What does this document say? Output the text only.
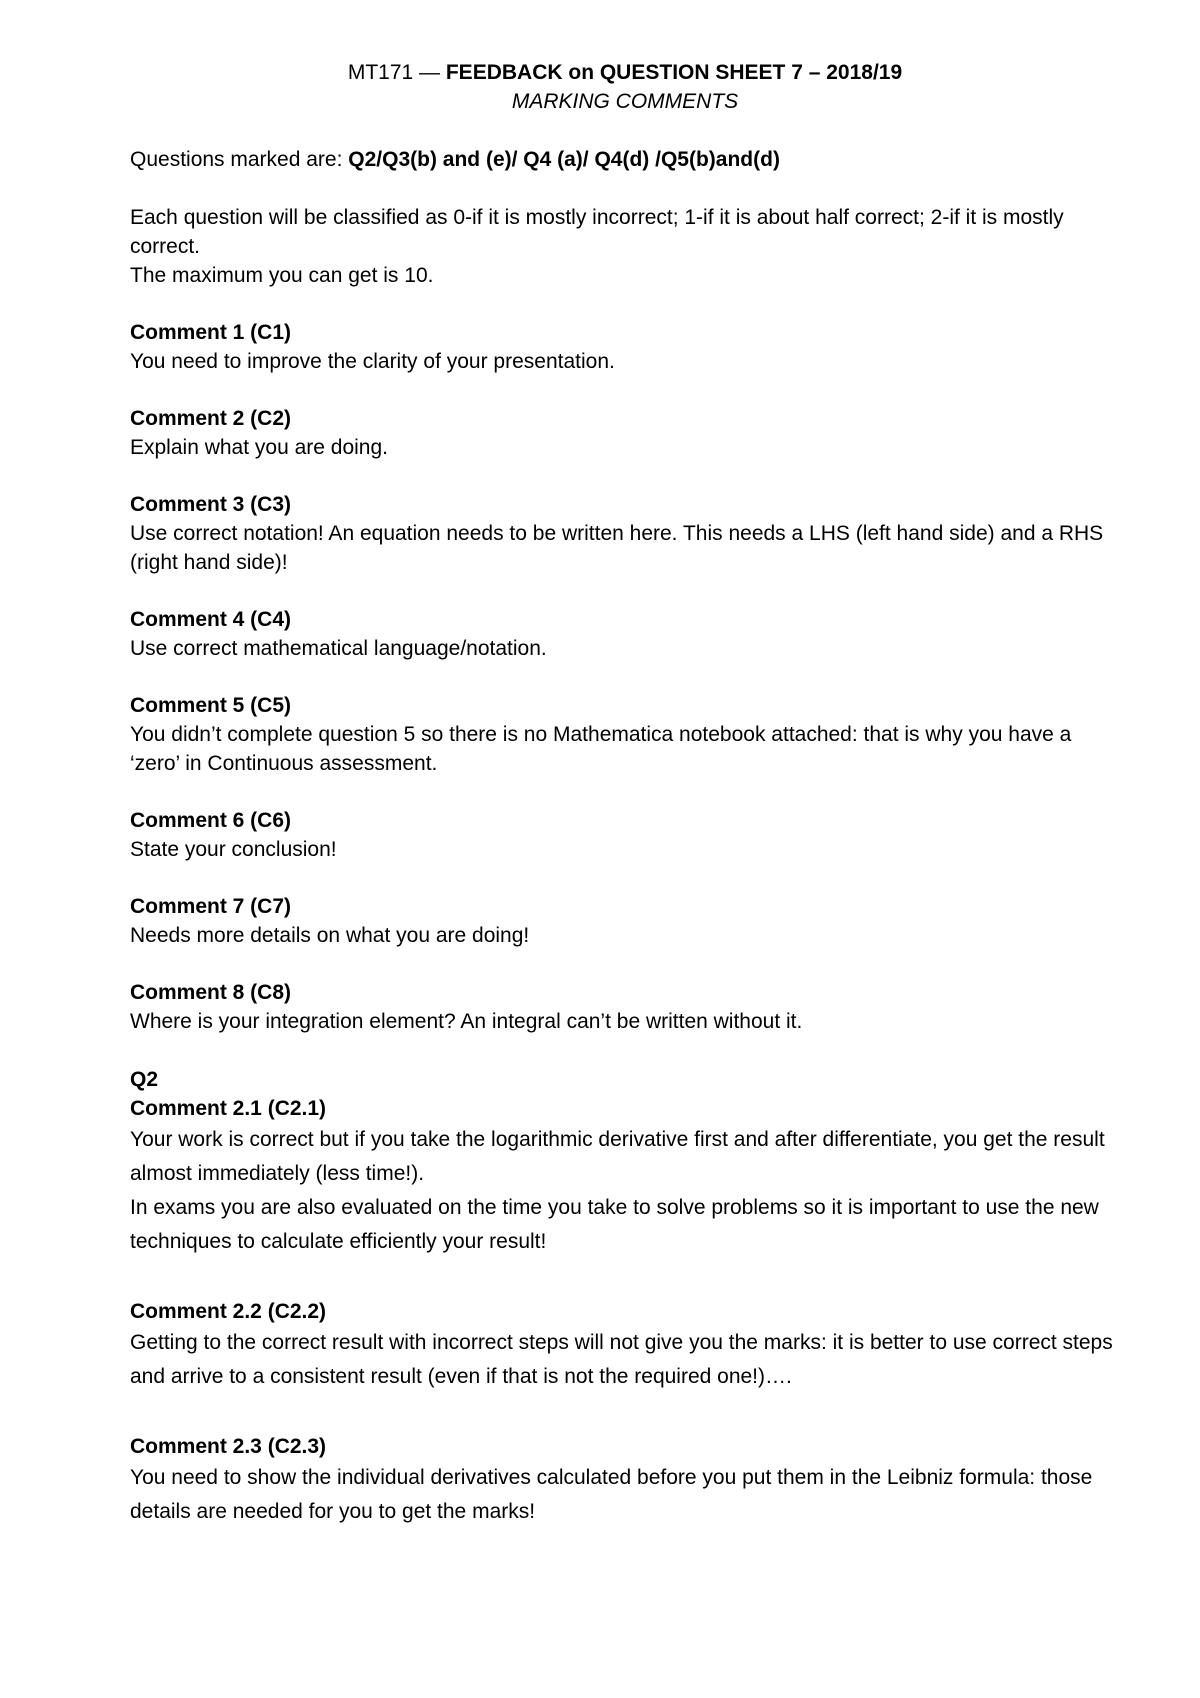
MT171 — FEEDBACK on QUESTION SHEET 7 – 2018/19
MARKING COMMENTS

Questions marked are: Q2/Q3(b) and (e)/ Q4 (a)/ Q4(d) /Q5(b)and(d)

Each question will be classified as 0-if it is mostly incorrect; 1-if it is about half correct; 2-if it is mostly correct.

The maximum you can get is 10.

Comment 1 (C1)

You need to improve the clarity of your presentation.

Comment 2 (C2)

Explain what you are doing.

Comment 3 (C3)

Use correct notation! An equation needs to be written here. This needs a LHS (left hand side) and a RHS (right hand side)!

Comment 4 (C4)

Use correct mathematical language/notation.

Comment 5 (C5)

You didn’t complete question 5 so there is no Mathematica notebook attached: that is why you have a ‘zero’ in Continuous assessment.

Comment 6 (C6)

State your conclusion!

Comment 7 (C7)

Needs more details on what you are doing!

Comment 8 (C8)

Where is your integration element? An integral can’t be written without it.

Q2

Comment 2.1 (C2.1)

Your work is correct but if you take the logarithmic derivative first and after differentiate, you get the result almost immediately (less time!).

In exams you are also evaluated on the time you take to solve problems so it is important to use the new techniques to calculate efficiently your result!

Comment 2.2 (C2.2)

Getting to the correct result with incorrect steps will not give you the marks: it is better to use correct steps and arrive to a consistent result (even if that is not the required one!)….

Comment 2.3 (C2.3)

You need to show the individual derivatives calculated before you put them in the Leibniz formula: those details are needed for you to get the marks!
